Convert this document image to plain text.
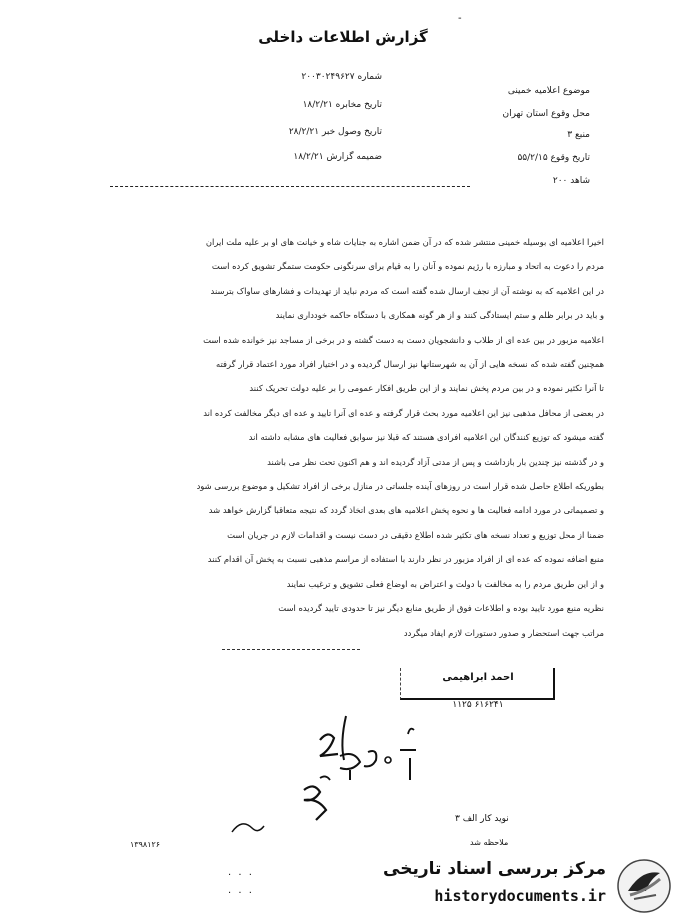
-
گزارش اطلاعات داخلی
شماره ۲۰۰۳۰۲۴۹۶۲۷
تاریخ مخابره ۱۸/۲/۲۱
تاریخ وصول خبر ۲۸/۲/۲۱
ضمیمه گزارش ۱۸/۲/۲۱
موضوع اعلامیه خمینی
محل وقوع استان تهران
منبع ۳
تاریخ وقوع ۵۵/۲/۱۵
شاهد ۲۰۰
اخیرا اعلامیه ای بوسیله خمینی منتشر شده که در آن ضمن اشاره به جنایات شاه و خیانت های او بر علیه ملت ایران
مردم را دعوت به اتحاد و مبارزه با رژیم نموده و آنان را به قیام برای سرنگونی حکومت ستمگر تشویق کرده است
در این اعلامیه که به نوشته آن از نجف ارسال شده گفته است که مردم نباید از تهدیدات و فشارهای ساواک بترسند
و باید در برابر ظلم و ستم ایستادگی کنند و از هر گونه همکاری با دستگاه حاکمه خودداری نمایند
اعلامیه مزبور در بین عده ای از طلاب و دانشجویان دست به دست گشته و در برخی از مساجد نیز خوانده شده است
همچنین گفته شده که نسخه هایی از آن به شهرستانها نیز ارسال گردیده و در اختیار افراد مورد اعتماد قرار گرفته
تا آنرا تکثیر نموده و در بین مردم پخش نمایند و از این طریق افکار عمومی را بر علیه دولت تحریک کنند
در بعضی از محافل مذهبی نیز این اعلامیه مورد بحث قرار گرفته و عده ای آنرا تایید و عده ای دیگر مخالفت کرده اند
گفته میشود که توزیع کنندگان این اعلامیه افرادی هستند که قبلا نیز سوابق فعالیت های مشابه داشته اند
و در گذشته نیز چندین بار بازداشت و پس از مدتی آزاد گردیده اند و هم اکنون تحت نظر می باشند
بطوریکه اطلاع حاصل شده قرار است در روزهای آینده جلساتی در منازل برخی از افراد تشکیل و موضوع بررسی شود
و تصمیماتی در مورد ادامه فعالیت ها و نحوه پخش اعلامیه های بعدی اتخاذ گردد که نتیجه متعاقبا گزارش خواهد شد
ضمنا از محل توزیع و تعداد نسخه های تکثیر شده اطلاع دقیقی در دست نیست و اقدامات لازم در جریان است
منبع اضافه نموده که عده ای از افراد مزبور در نظر دارند با استفاده از مراسم مذهبی نسبت به پخش آن اقدام کنند
و از این طریق مردم را به مخالفت با دولت و اعتراض به اوضاع فعلی تشویق و ترغیب نمایند
نظریه منبع مورد تایید بوده و اطلاعات فوق از طریق منابع دیگر نیز تا حدودی تایید گردیده است
مراتب جهت استحضار و صدور دستورات لازم ایفاد میگردد
احمد ابراهیمی
۱۱۲۵ ۶۱۶۲۴۱
نوید کار الف ۳
ملاحظه شد
۱۳۹۸۱۲۶
· · ·
· · ·
مرکز بررسی اسناد تاریخی
historydocuments.ir
